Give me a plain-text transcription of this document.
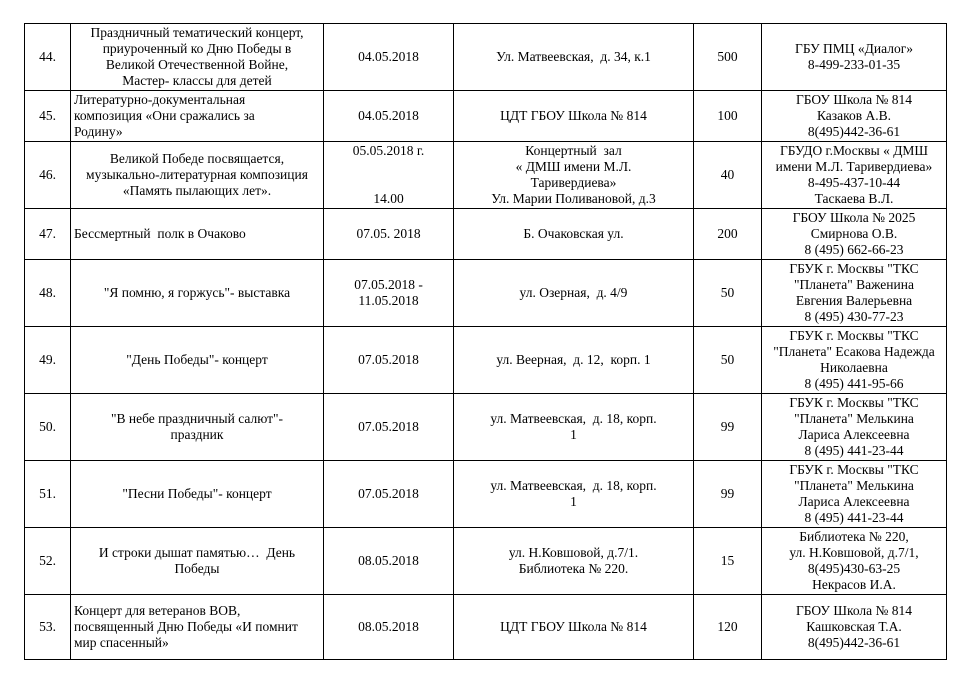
44.	Праздничный тематический концерт,
приуроченный ко Дню Победы в
Великой Отечественной Войне,
Мастер- классы для детей	04.05.2018	Ул. Матвеевская,  д. 34, к.1	500	ГБУ ПМЦ «Диалог»
8-499-233-01-35

45.	Литературно-документальная
композиция «Они сражались за
Родину»	04.05.2018	ЦДТ ГБОУ Школа № 814	100	ГБОУ Школа № 814
Казаков А.В.
8(495)442-36-61

46.	Великой Победе посвящается,
музыкально-литературная композиция
«Память пылающих лет».	05.05.2018 г.
14.00	Концертный  зал
« ДМШ имени М.Л.
Таривердиева»
Ул. Марии Поливановой, д.3	40	ГБУДО г.Москвы « ДМШ
имени М.Л. Таривердиева»
8-495-437-10-44
Таскаева В.Л.

47.	Бессмертный  полк в Очаково	07.05. 2018	Б. Очаковская ул.	200	ГБОУ Школа № 2025
Смирнова О.В.
8 (495) 662-66-23

48.	"Я помню, я горжусь"- выставка	07.05.2018 -
11.05.2018	ул. Озерная,  д. 4/9	50	ГБУК г. Москвы "ТКС
"Планета" Важенина
Евгения Валерьевна
8 (495) 430-77-23

49.	"День Победы"- концерт	07.05.2018	ул. Веерная,  д. 12,  корп. 1	50	ГБУК г. Москвы "ТКС
"Планета" Есакова Надежда
Николаевна
8 (495) 441-95-66

50.	"В небе праздничный салют"-
праздник	07.05.2018	ул. Матвеевская,  д. 18, корп.
1	99	ГБУК г. Москвы "ТКС
"Планета" Мелькина
Лариса Алексеевна
8 (495) 441-23-44

51.	"Песни Победы"- концерт	07.05.2018	ул. Матвеевская,  д. 18, корп.
1	99	ГБУК г. Москвы "ТКС
"Планета" Мелькина
Лариса Алексеевна
8 (495) 441-23-44

52.	И строки дышат памятью…  День
Победы	08.05.2018	ул. Н.Ковшовой, д.7/1.
Библиотека № 220.	15	Библиотека № 220,
ул. Н.Ковшовой, д.7/1,
8(495)430-63-25
Некрасов И.А.

53.	Концерт для ветеранов ВОВ,
посвященный Дню Победы «И помнит
мир спасенный»	08.05.2018	ЦДТ ГБОУ Школа № 814	120	ГБОУ Школа № 814
Кашковская Т.А.
8(495)442-36-61
